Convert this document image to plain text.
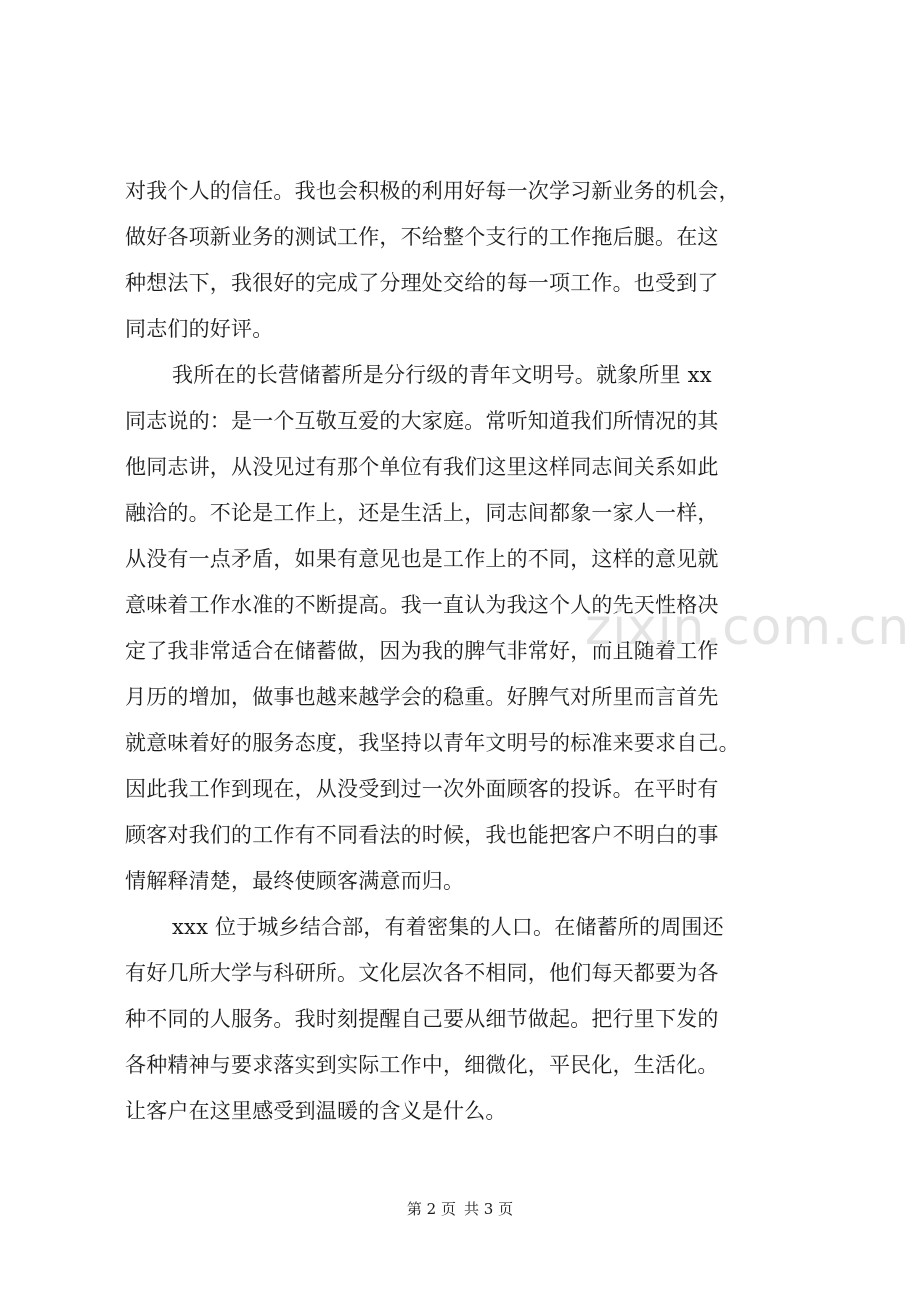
对我个人的信任。我也会积极的利用好每一次学习新业务的机会，
做好各项新业务的测试工作，不给整个支行的工作拖后腿。在这
种想法下，我很好的完成了分理处交给的每一项工作。也受到了
同志们的好评。
我所在的长营储蓄所是分行级的青年文明号。就象所里 xx
同志说的：是一个互敬互爱的大家庭。常听知道我们所情况的其
他同志讲，从没见过有那个单位有我们这里这样同志间关系如此
融洽的。不论是工作上，还是生活上，同志间都象一家人一样，
从没有一点矛盾，如果有意见也是工作上的不同，这样的意见就
意味着工作水准的不断提高。我一直认为我这个人的先天性格决
定了我非常适合在储蓄做，因为我的脾气非常好，而且随着工作
月历的增加，做事也越来越学会的稳重。好脾气对所里而言首先
就意味着好的服务态度，我坚持以青年文明号的标准来要求自己。
因此我工作到现在，从没受到过一次外面顾客的投诉。在平时有
顾客对我们的工作有不同看法的时候，我也能把客户不明白的事
情解释清楚，最终使顾客满意而归。
xxx 位于城乡结合部，有着密集的人口。在储蓄所的周围还
有好几所大学与科研所。文化层次各不相同，他们每天都要为各
种不同的人服务。我时刻提醒自己要从细节做起。把行里下发的
各种精神与要求落实到实际工作中，细微化，平民化，生活化。
让客户在这里感受到温暖的含义是什么。
zixin.com.cn
第 2 页 共 3 页
